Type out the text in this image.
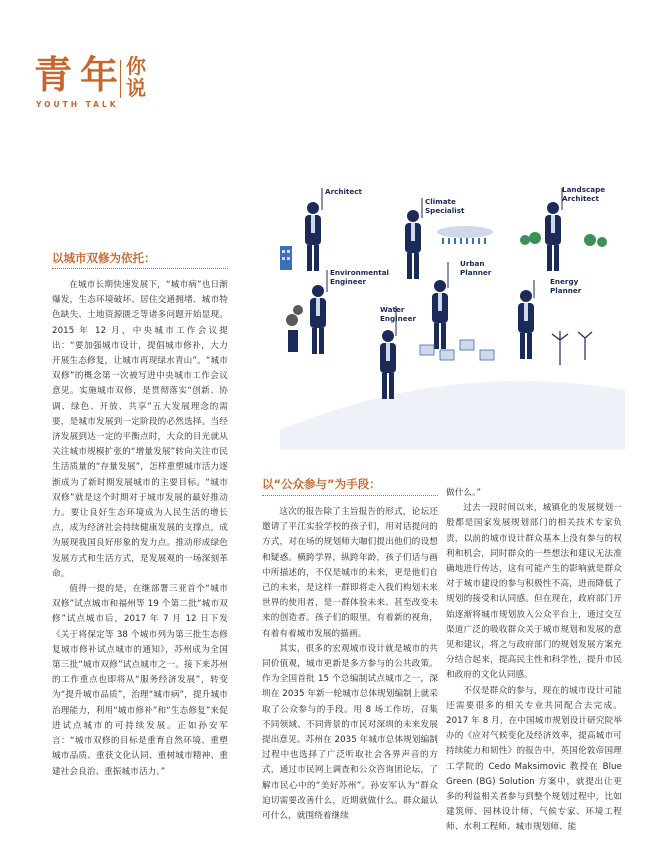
青 年 你
说
YOUTH TALK
以城市双修为依托：

在城市长期快速发展下，“城市病”也日渐爆发，生态环境破坏、居住交通拥堵、城市特色缺失、土地资源匮乏等诸多问题开始显现。2015 年 12 月，中央城市工作会议提出：“要加强城市设计，提倡城市修补，大力开展生态修复，让城市再现绿水青山”。“城市双修”的概念第一次被写进中央城市工作会议意见。实施城市双修，是贯彻落实“创新、协调、绿色、开放、共享”五大发展理念的需要，是城市发展到一定阶段的必然选择。当经济发展到达一定的平衡点时，大众的目光就从关注城市规模扩张的“增量发展”转向关注市民生活质量的“存量发展”，怎样重塑城市活力逐渐成为了新时期发展城市的主要目标。“城市双修”就是这个时期对于城市发展的最好推动力。要让良好生态环境成为人民生活的增长点，成为经济社会持续健康发展的支撑点，成为展现我国良好形象的发力点。推动形成绿色发展方式和生活方式，是发展观的一场深刻革命。

值得一提的是，在继部署三亚首个“城市双修”试点城市和福州等 19 个第二批“城市双修”试点城市后，2017 年 7 月 12 日下发《关于将保定等 38 个城市列为第三批生态修复城市修补试点城市的通知》，苏州成为全国第三批“城市双修”试点城市之一。接下来苏州的工作重点也即将从“服务经济发展”，转变为“提升城市品质”，治理“城市病”，提升城市治理能力，利用“城市修补”和“生态修复”来促进试点城市的可持续发展。正如孙安军言：“城市双修的目标是重育自然环境、重塑城市品质、重获文化认同、重树城市精神、重建社会良治、重振城市活力。”

Architect
Climate
Specialist
Landscape
Architect
Environmental
Engineer
Urban
Planner
Energy
Planner
Water
Engineer
以“公众参与”为手段：

这次的报告除了主旨报告的形式，论坛还邀请了平江实验学校的孩子们，用对话提问的方式，对在场的规划师大咖们提出他们的设想和疑惑。横跨学界，纵跨年龄，孩子们话与画中所描述的，不仅是城市的未来，更是他们自己的未来，是这样一群即将走入我们构划未来世界的使用者，是一群体验未来、甚至改变未来的创造者。孩子们的眼里，有着新的视角，有着有着城市发展的描画。

其实，很多的宏观城市设计就是城市的共同价值观，城市更新是多方参与的公共政策。作为全国首批 15 个总编制试点城市之一，深圳在 2035 年新一轮城市总体规划编制上就采取了公众参与的手段。用 8 场工作坊，召集不同领域、不同背景的市民对深圳的未来发展提出意见。苏州在 2035 年城市总体规划编制过程中也选择了广泛听取社会各界声音的方式，通过市民网上调查和公众咨询团论坛，了解市民心中的“美好苏州”。孙安军认为“群众迫切需要改善什么，近期就做什么。群众最认可什么，就围绕着继续

做什么。”

过去一段时间以来，城镇化的发展规划一般都是国家发展规划部门的相关技术专家负责，以前的城市设计群众基本上没有参与的权利和机会，同时群众的一些想法和建议无法准确地进行传达，这有可能产生的影响就是群众对于城市建设的参与积极性不高，进而降低了规划的接受和认同感。但在现在，政府部门开始逐渐将城市规划放入公众平台上，通过交互渠道广泛的吸收群众关于城市规划和发展的意见和建议，将之与政府部门的规划发展方案充分结合起来，提高民主性和科学性，提升市民和政府的文化认同感。

不仅是群众的参与，现在的城市设计可能还需要很多的相关专业共同配合去完成。2017 年 8 月，在中国城市规划设计研究院举办的《应对气候变化及经济效率，提高城市可持续能力和韧性》的报告中，英国伦敦帝国理工学院的 Cedo Maksimovic 教授在 Blue Green (BG) Solution 方案中，就提出让更多的利益相关者参与到整个规划过程中，比如建筑师、园林设计师、气候专家、环境工程师、水利工程师、城市规划师、能
